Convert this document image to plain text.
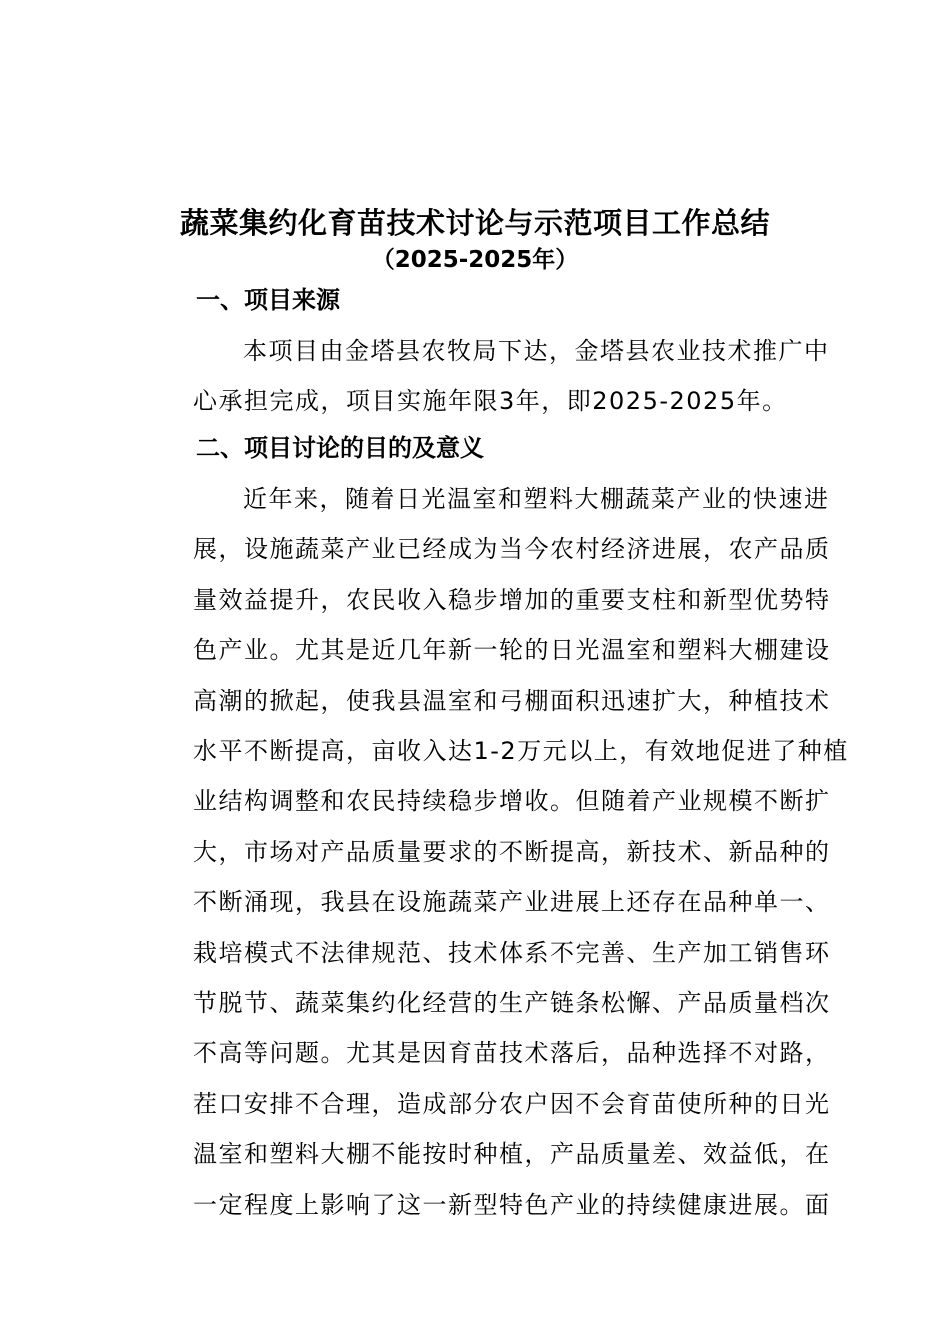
蔬菜集约化育苗技术讨论与示范项目工作总结
（2025-2025年）
一、项目来源
本项目由金塔县农牧局下达，金塔县农业技术推广中
心承担完成，项目实施年限3年，即2025-2025年。
二、项目讨论的目的及意义
近年来，随着日光温室和塑料大棚蔬菜产业的快速进
展，设施蔬菜产业已经成为当今农村经济进展，农产品质
量效益提升，农民收入稳步增加的重要支柱和新型优势特
色产业。尤其是近几年新一轮的日光温室和塑料大棚建设
高潮的掀起，使我县温室和弓棚面积迅速扩大，种植技术
水平不断提高，亩收入达1-2万元以上，有效地促进了种植
业结构调整和农民持续稳步增收。但随着产业规模不断扩
大，市场对产品质量要求的不断提高，新技术、新品种的
不断涌现，我县在设施蔬菜产业进展上还存在品种单一、
栽培模式不法律规范、技术体系不完善、生产加工销售环
节脱节、蔬菜集约化经营的生产链条松懈、产品质量档次
不高等问题。尤其是因育苗技术落后，品种选择不对路，
茬口安排不合理，造成部分农户因不会育苗使所种的日光
温室和塑料大棚不能按时种植，产品质量差、效益低，在
一定程度上影响了这一新型特色产业的持续健康进展。面
